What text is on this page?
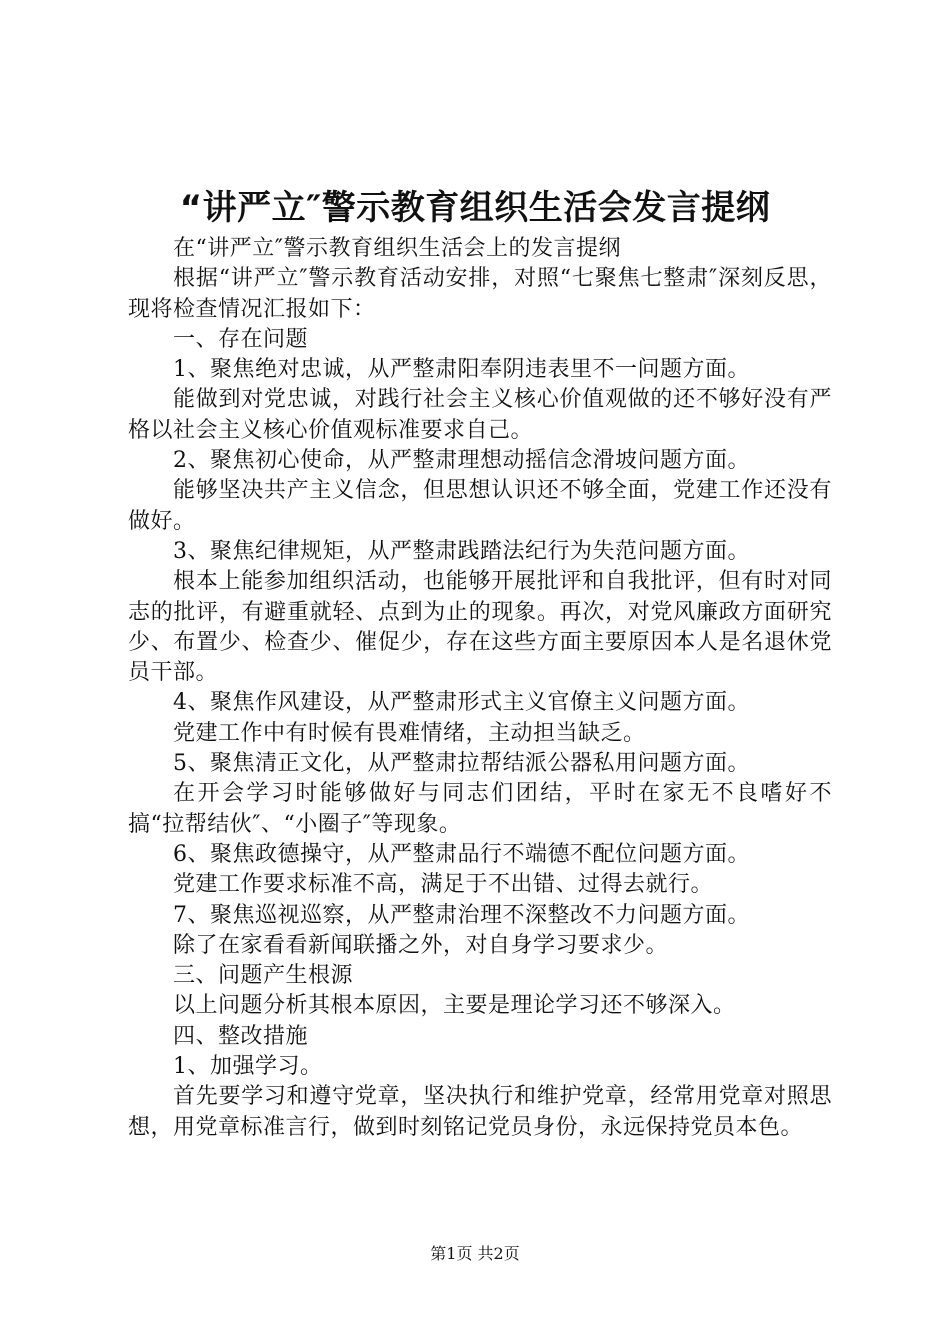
“讲严立″警示教育组织生活会发言提纲

在“讲严立″警示教育组织生活会上的发言提纲

根据“讲严立″警示教育活动安排，对照“七聚焦七整肃″深刻反思，现将检查情况汇报如下：

一、存在问题

1、聚焦绝对忠诚，从严整肃阳奉阴违表里不一问题方面。

能做到对党忠诚，对践行社会主义核心价值观做的还不够好没有严格以社会主义核心价值观标准要求自己。

2、聚焦初心使命，从严整肃理想动摇信念滑坡问题方面。

能够坚决共产主义信念，但思想认识还不够全面，党建工作还没有做好。

3、聚焦纪律规矩，从严整肃践踏法纪行为失范问题方面。

根本上能参加组织活动，也能够开展批评和自我批评，但有时对同志的批评，有避重就轻、点到为止的现象。再次，对党风廉政方面研究少、布置少、检查少、催促少，存在这些方面主要原因本人是名退休党员干部。

4、聚焦作风建设，从严整肃形式主义官僚主义问题方面。

党建工作中有时候有畏难情绪，主动担当缺乏。

5、聚焦清正文化，从严整肃拉帮结派公器私用问题方面。

在开会学习时能够做好与同志们团结，平时在家无不良嗜好不搞“拉帮结伙″、“小圈子″等现象。

6、聚焦政德操守，从严整肃品行不端德不配位问题方面。

党建工作要求标准不高，满足于不出错、过得去就行。

7、聚焦巡视巡察，从严整肃治理不深整改不力问题方面。

除了在家看看新闻联播之外，对自身学习要求少。

三、问题产生根源

以上问题分析其根本原因，主要是理论学习还不够深入。

四、整改措施

1、加强学习。

首先要学习和遵守党章，坚决执行和维护党章，经常用党章对照思想，用党章标准言行，做到时刻铭记党员身份，永远保持党员本色。

第1页 共2页
